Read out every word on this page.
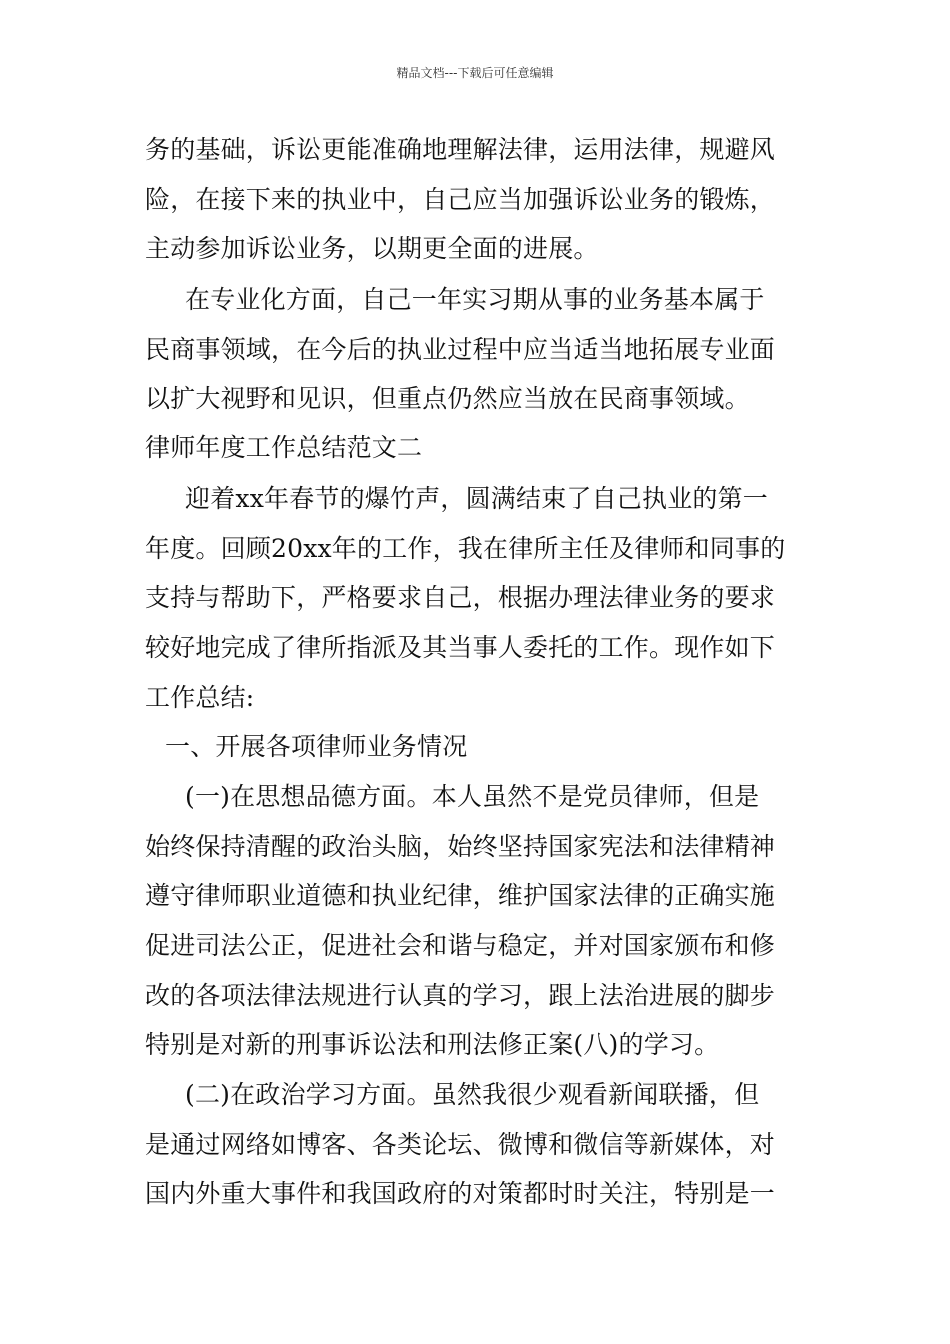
精品文档---下载后可任意编辑
务的基础，诉讼更能准确地理解法律，运用法律，规避风
险，在接下来的执业中，自己应当加强诉讼业务的锻炼，
主动参加诉讼业务，以期更全面的进展。
在专业化方面，自己一年实习期从事的业务基本属于
民商事领域，在今后的执业过程中应当适当地拓展专业面
以扩大视野和见识，但重点仍然应当放在民商事领域。
律师年度工作总结范文二
迎着xx年春节的爆竹声，圆满结束了自己执业的第一
年度。回顾20xx年的工作，我在律所主任及律师和同事的
支持与帮助下，严格要求自己，根据办理法律业务的要求
较好地完成了律所指派及其当事人委托的工作。现作如下
工作总结:
一、开展各项律师业务情况
(一)在思想品德方面。本人虽然不是党员律师，但是
始终保持清醒的政治头脑，始终坚持国家宪法和法律精神
遵守律师职业道德和执业纪律，维护国家法律的正确实施
促进司法公正，促进社会和谐与稳定，并对国家颁布和修
改的各项法律法规进行认真的学习，跟上法治进展的脚步
特别是对新的刑事诉讼法和刑法修正案(八)的学习。
(二)在政治学习方面。虽然我很少观看新闻联播，但
是通过网络如博客、各类论坛、微博和微信等新媒体，对
国内外重大事件和我国政府的对策都时时关注，特别是一
